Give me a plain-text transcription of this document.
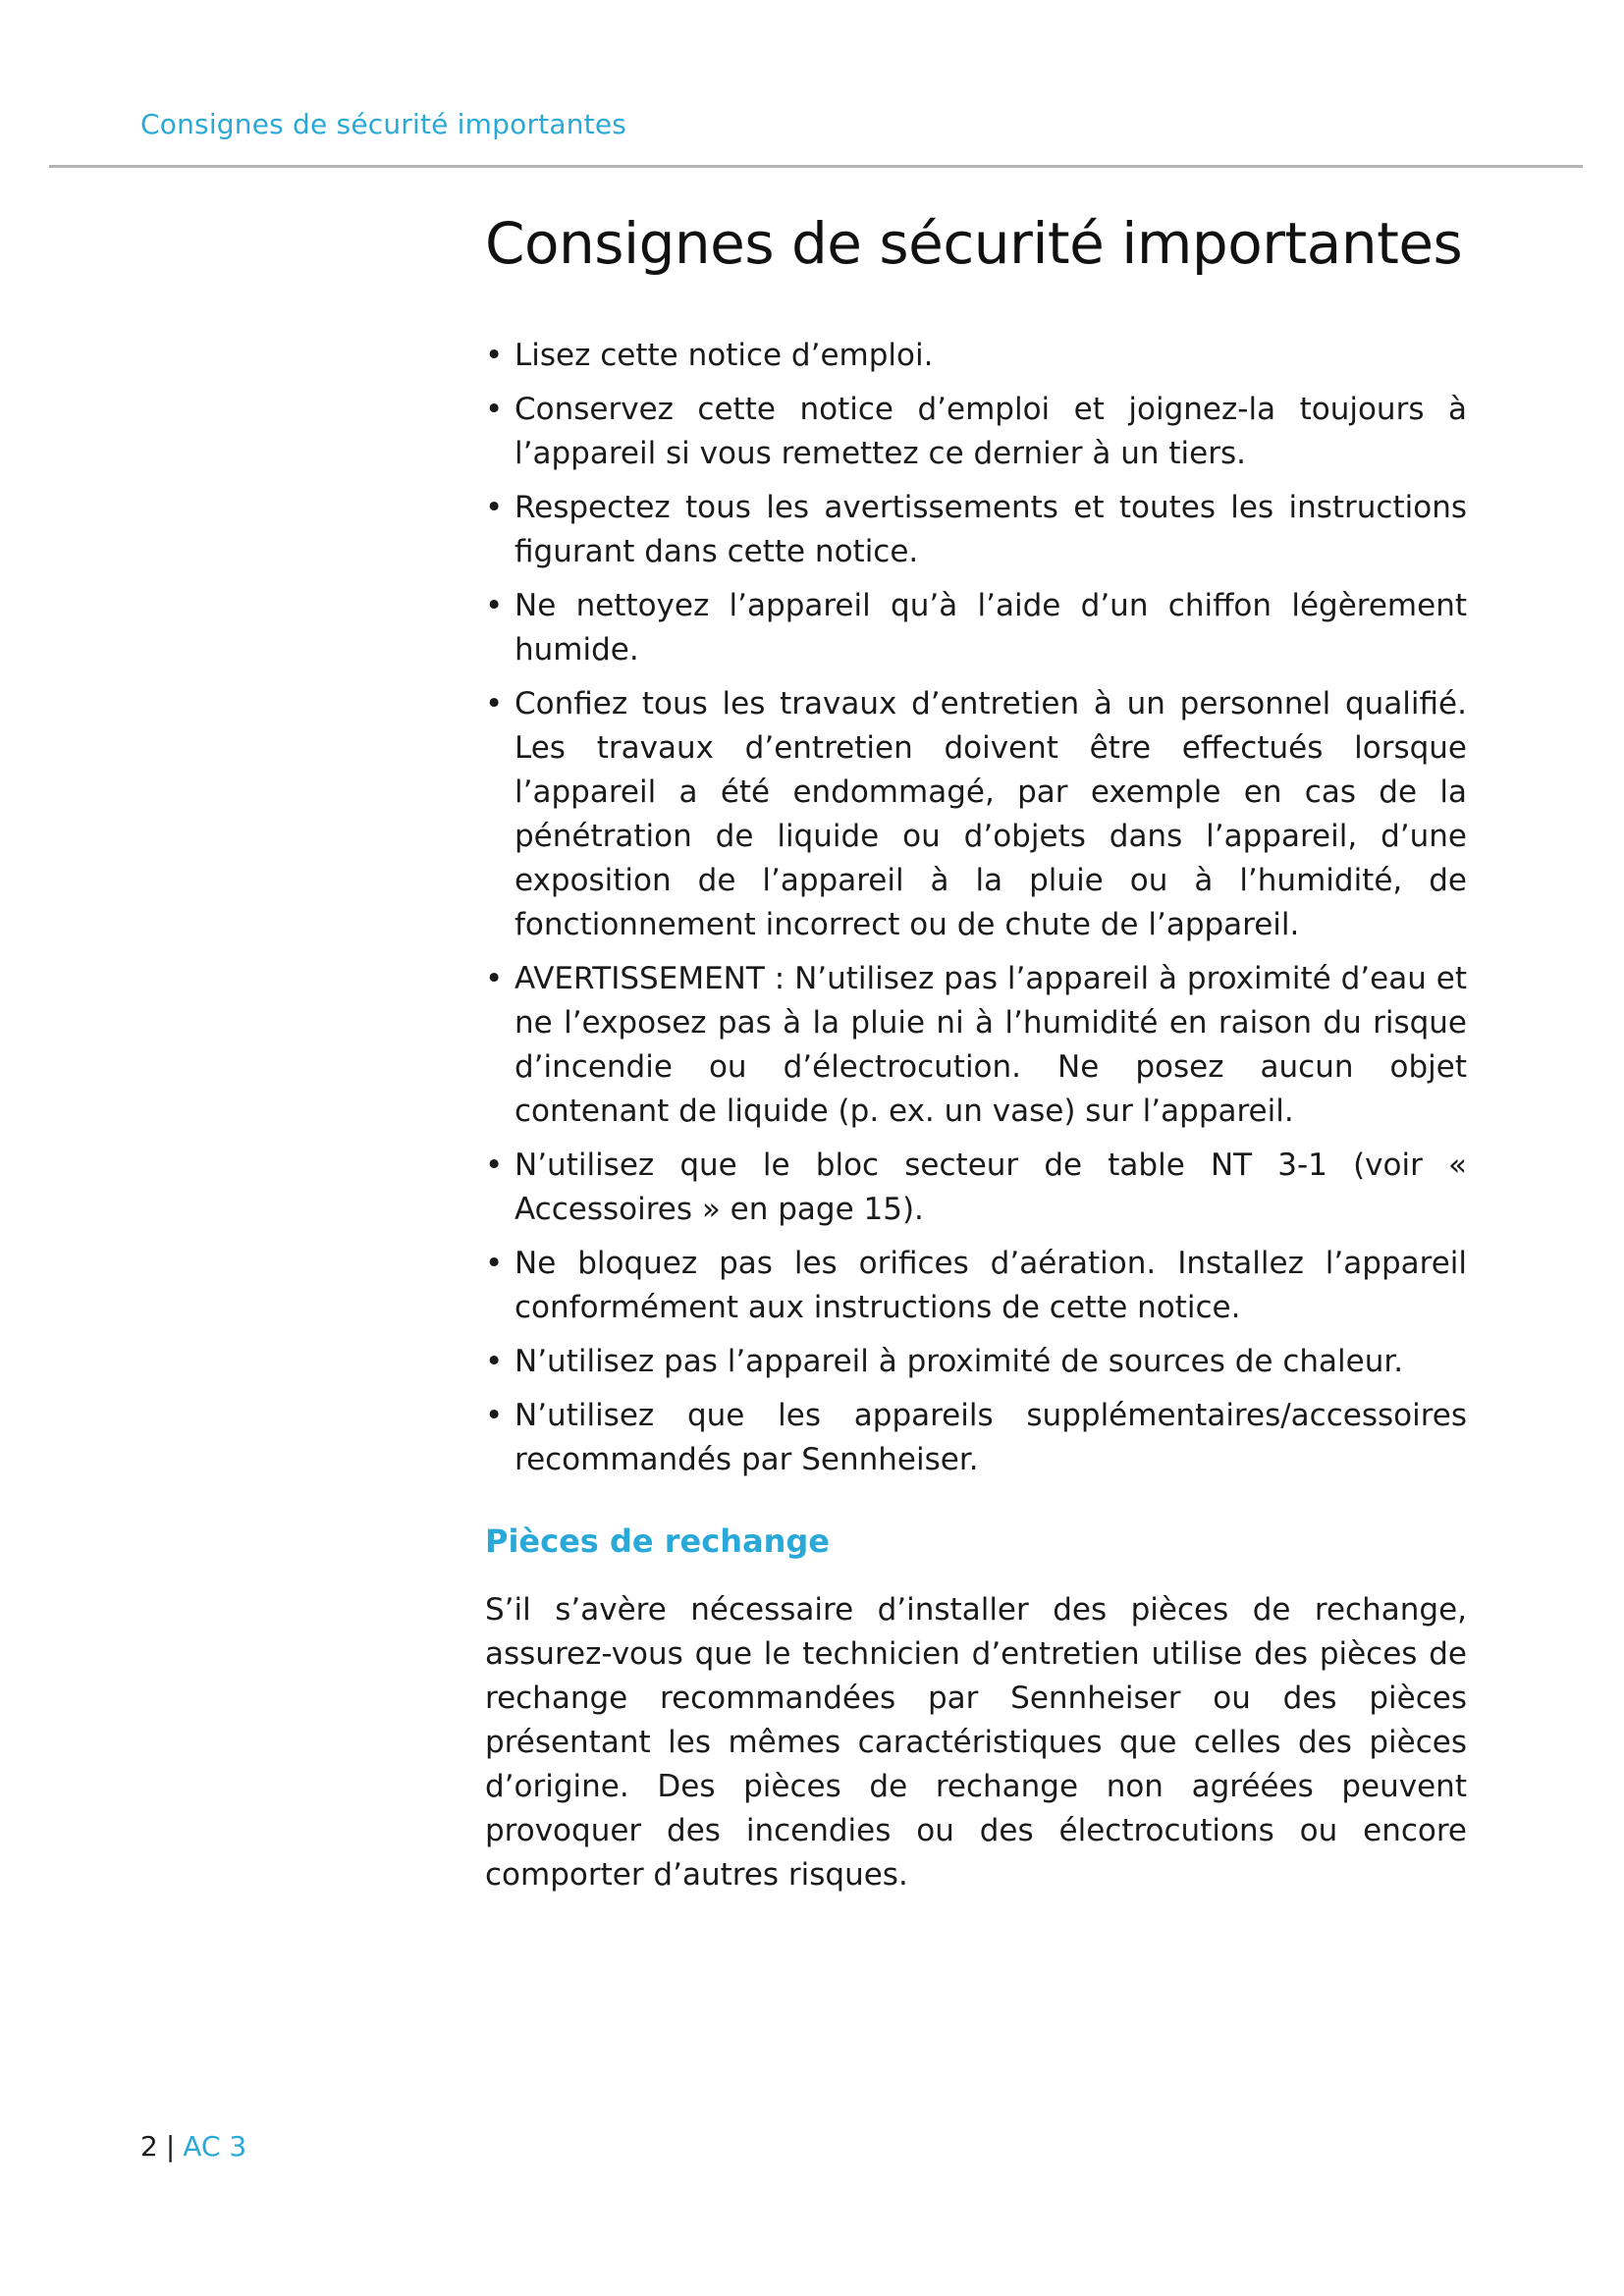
Consignes de sécurité importantes
Consignes de sécurité importantes
• Lisez cette notice d’emploi.
• Conservez cette notice d’emploi et joignez-la toujours à l’appareil si vous remettez ce dernier à un tiers.
• Respectez tous les avertissements et toutes les instructions figurant dans cette notice.
• Ne nettoyez l’appareil qu’à l’aide d’un chiffon légèrement humide.
• Confiez tous les travaux d’entretien à un personnel qualifié. Les travaux d’entretien doivent être effectués lorsque l’appareil a été endommagé, par exemple en cas de la pénétration de liquide ou d’objets dans l’appareil, d’une exposition de l’appareil à la pluie ou à l’humidité, de fonctionnement incorrect ou de chute de l’appareil.
• AVERTISSEMENT : N’utilisez pas l’appareil à proximité d’eau et ne l’exposez pas à la pluie ni à l’humidité en raison du risque d’incendie ou d’électrocution. Ne posez aucun objet contenant de liquide (p. ex. un vase) sur l’appareil.
• N’utilisez que le bloc secteur de table NT 3-1 (voir « Accessoires » en page 15).
• Ne bloquez pas les orifices d’aération. Installez l’appareil conformément aux instructions de cette notice.
• N’utilisez pas l’appareil à proximité de sources de chaleur.
• N’utilisez que les appareils supplémentaires/accessoires recommandés par Sennheiser.
Pièces de rechange

S’il s’avère nécessaire d’installer des pièces de rechange, assurez-vous que le technicien d’entretien utilise des pièces de rechange recommandées par Sennheiser ou des pièces présentant les mêmes caractéristiques que celles des pièces d’origine. Des pièces de rechange non agréées peuvent provoquer des incendies ou des électrocutions ou encore comporter d’autres risques.

2 | AC 3
